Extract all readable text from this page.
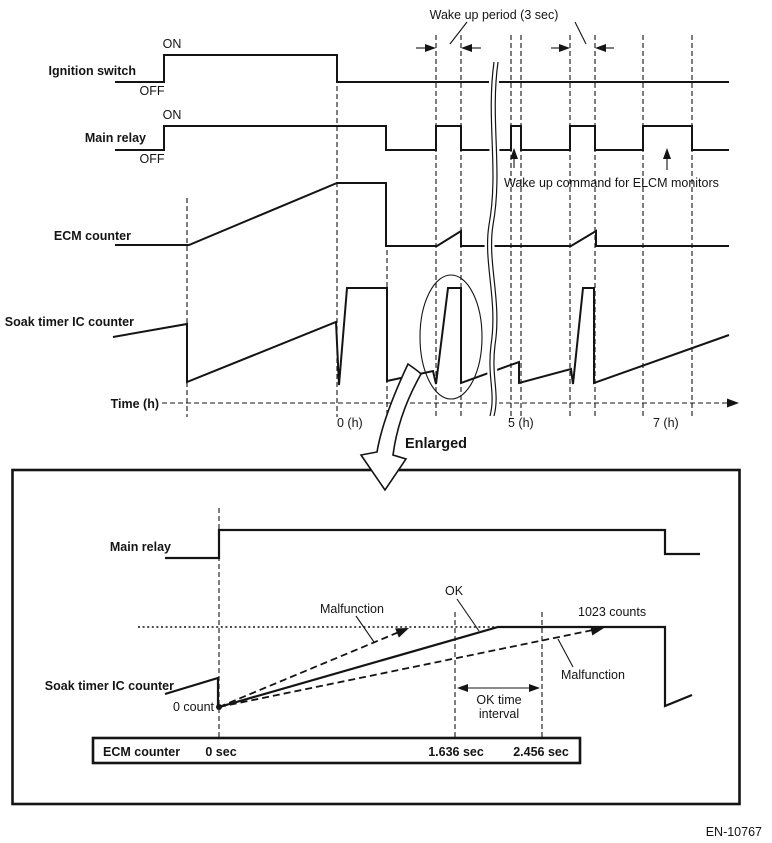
Wake up period (3 sec)
Ignition switch
ON
OFF
Main relay
ON
OFF
ECM counter
Soak timer IC counter
Time (h)
0 (h)	5 (h)	7 (h)
Wake up command for ELCM monitors
Main relay
Soak timer IC counter
0 count
Malfunction
OK
1023 counts
Malfunction
OK time
interval
ECM counter 0 sec	1.636 sec 2.456 sec
Enlarged
EN-10767
